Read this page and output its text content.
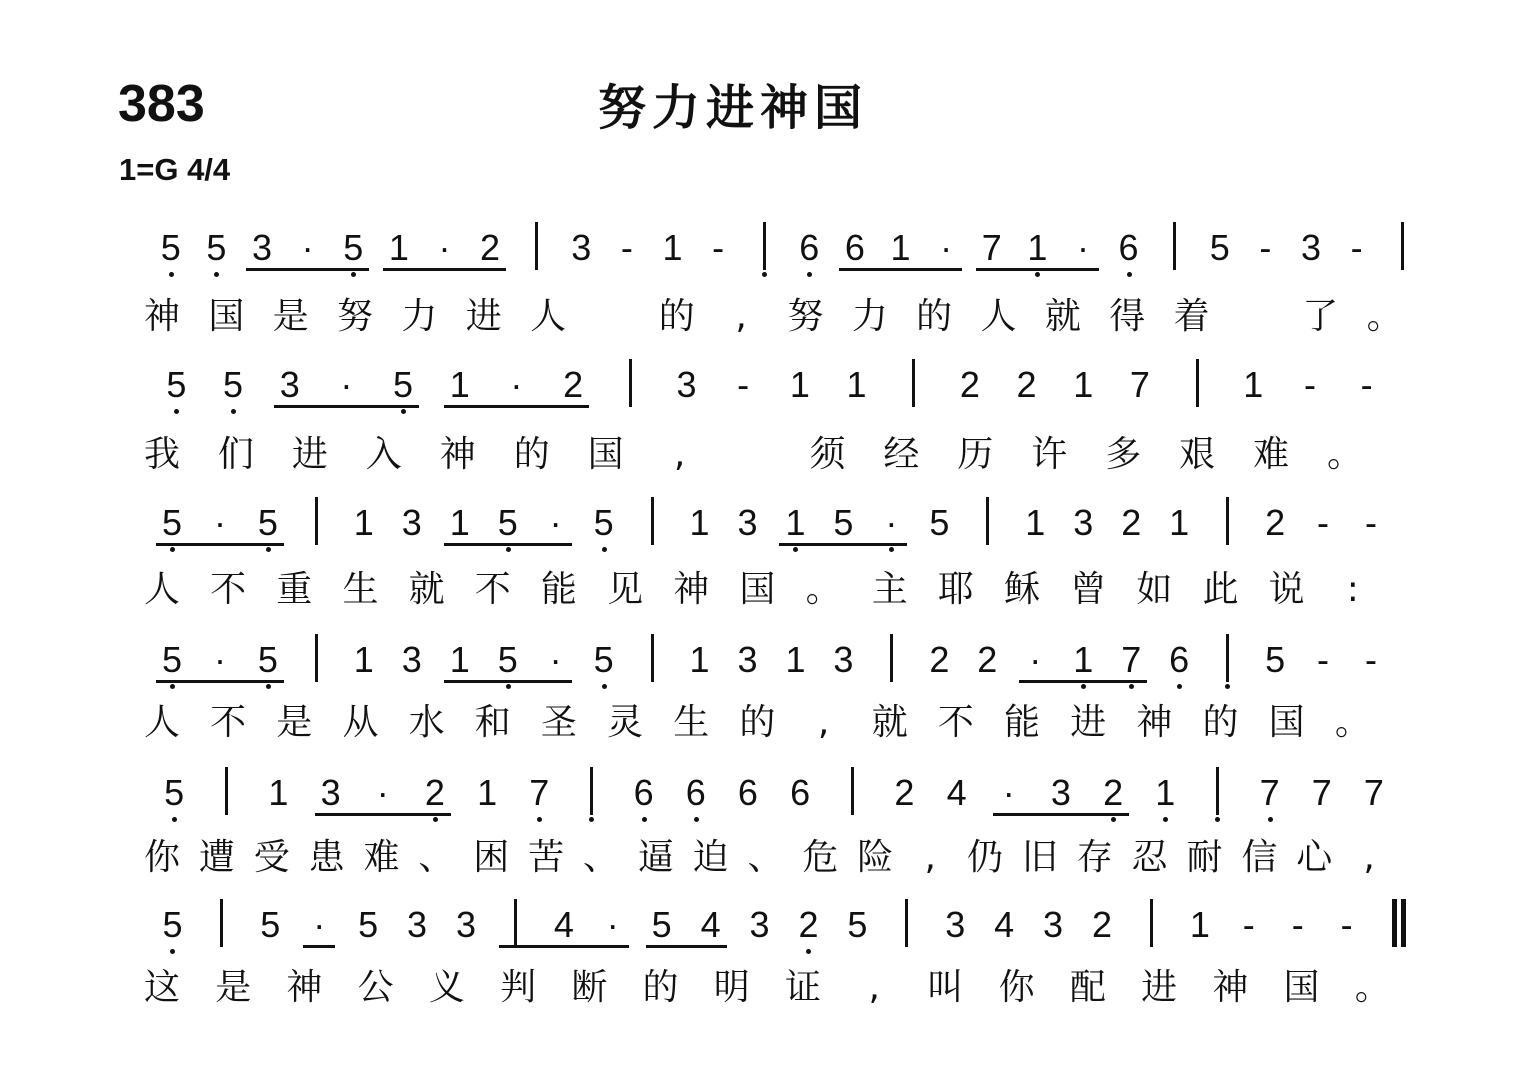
383	努力进神国
1=G 4/4
5 5 3 · 5 1 · 2 3 - 1 -	6 6 1 · 7 1 · 6 5 - 3 -
神 国 是 努 力 进 人	的	,	努 力 的 人 就 得 着	了 。
5 5 3	·	5 1	·	2	3	-	1 1	2 2 1 7	1	-	-
我 们 进 入 神 的 国	,	须 经 历 许 多 艰 难 。
5 · 5 1 3 1 5 · 5 1 3 1 5 · 5 1 3 2 1 2 - -
人 不 重 生 就 不 能 见 神 国 。 主 耶 稣 曾 如 此 说	:
5 · 5 1 3 1 5 · 5 1 3 1 3 2 2 · 1 7 6 5 - -
人 不 是 从 水 和 圣 灵 生 的	,	就 不 能 进 神 的 国 。
5 1 3	·	2 1 7 6 6 6 6 2 4	·	3 2 1 7 7 7
你 遭 受 患 难 、 困 苦 、 逼 迫 、 危 险 , 仍 旧 存 忍 耐 信 心 ,
5 5 · 5 3 3 4 · 5 4 3 2 5 3 4 3 2 1 -	-	-
这 是 神 公 义 判 断 的 明 证	,	叫 你 配 进 神 国 。
